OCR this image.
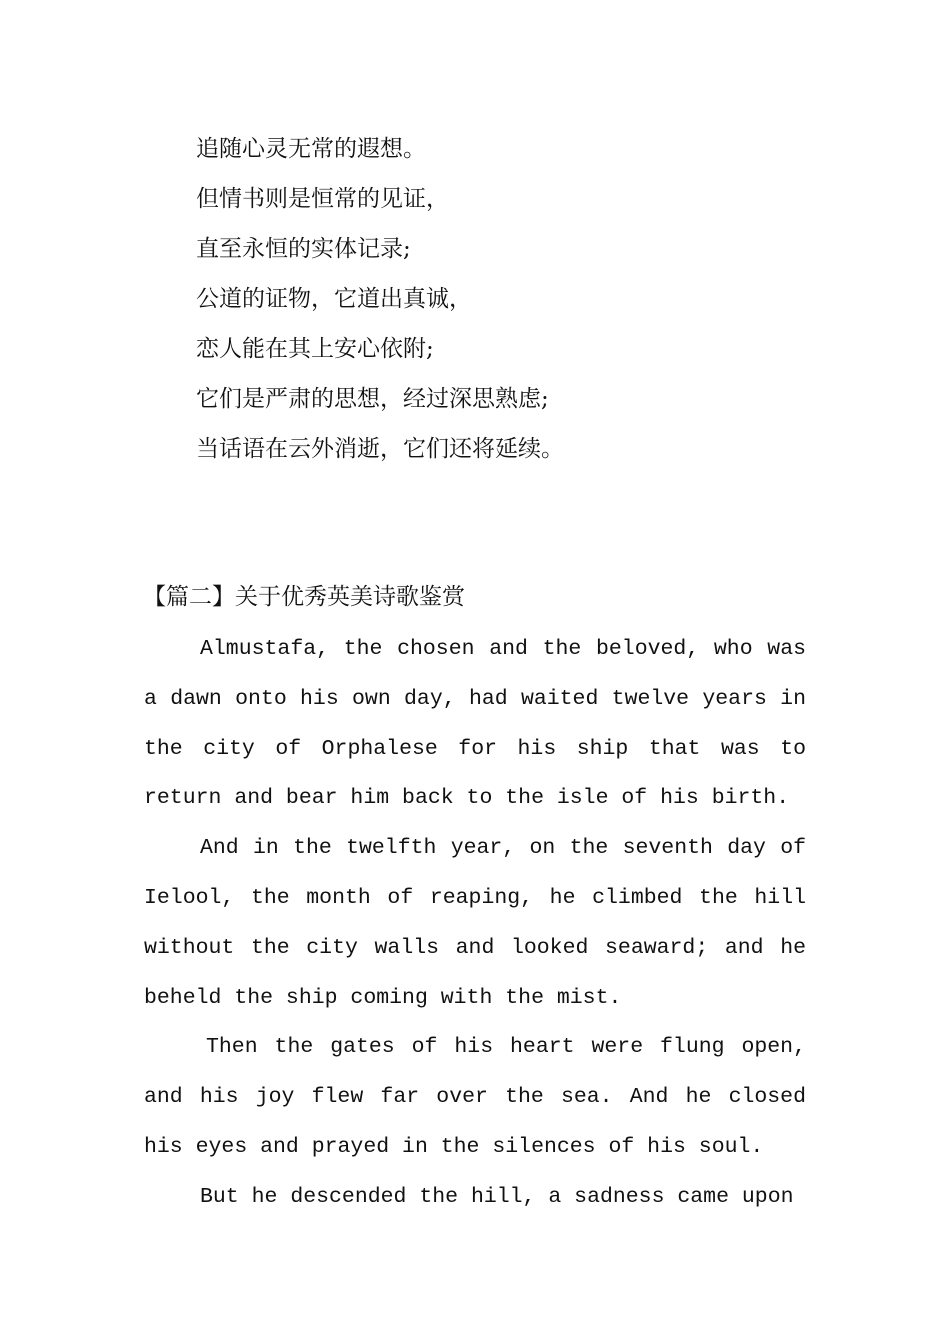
追随心灵无常的遐想。
但情书则是恒常的见证，
直至永恒的实体记录;
公道的证物，它道出真诚，
恋人能在其上安心依附;
它们是严肃的思想，经过深思熟虑;
当话语在云外消逝，它们还将延续。
【篇二】关于优秀英美诗歌鉴赏

Almustafa, the chosen and the beloved, who was a dawn onto his own day, had waited twelve years in the city of Orphalese for his ship that was to return and bear him back to the isle of his birth.

And in the twelfth year, on the seventh day of Ielool, the month of reaping, he climbed the hill without the city walls and looked seaward; and he beheld the ship coming with the mist.

Then the gates of his heart were flung open, and his joy flew far over the sea. And he closed his eyes and prayed in the silences of his soul.

But he descended the hill, a sadness came upon
